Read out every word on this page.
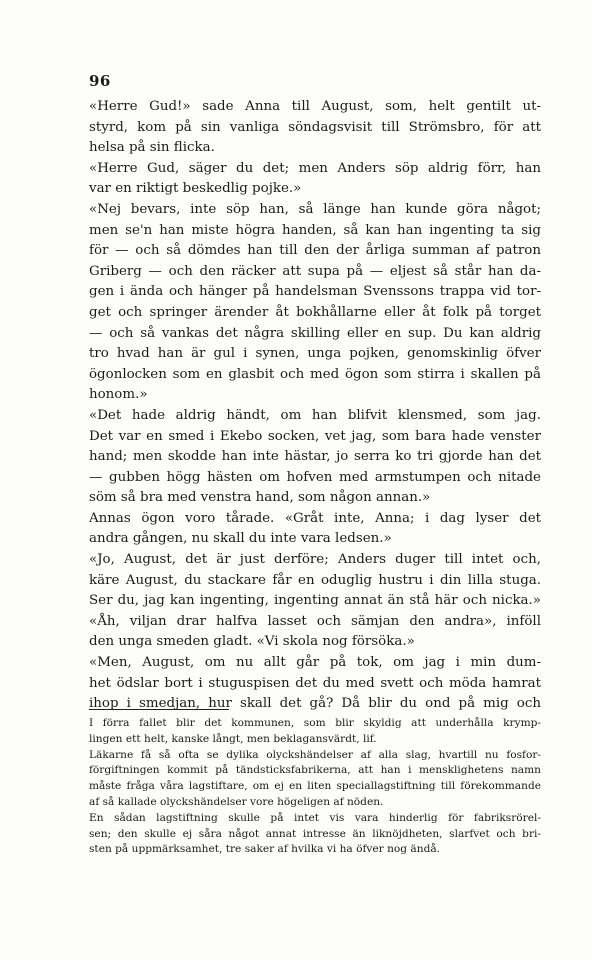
96
«Herre Gud!» sade Anna till August, som, helt gentilt ut-
styrd, kom på sin vanliga söndagsvisit till Strömsbro, för att
helsa på sin flicka.
«Herre Gud, säger du det; men Anders söp aldrig förr, han
var en riktigt beskedlig pojke.»
«Nej bevars, inte söp han, så länge han kunde göra något;
men se'n han miste högra handen, så kan han ingenting ta sig
för — och så dömdes han till den der årliga summan af patron
Griberg — och den räcker att supa på — eljest så står han da-
gen i ända och hänger på handelsman Svenssons trappa vid tor-
get och springer ärender åt bokhållarne eller åt folk på torget
— och så vankas det några skilling eller en sup. Du kan aldrig
tro hvad han är gul i synen, unga pojken, genomskinlig öfver
ögonlocken som en glasbit och med ögon som stirra i skallen på
honom.»
«Det hade aldrig händt, om han blifvit klensmed, som jag.
Det var en smed i Ekebo socken, vet jag, som bara hade venster
hand; men skodde han inte hästar, jo serra ko tri gjorde han det
— gubben högg hästen om hofven med armstumpen och nitade
söm så bra med venstra hand, som någon annan.»
Annas ögon voro tårade. «Gråt inte, Anna; i dag lyser det
andra gången, nu skall du inte vara ledsen.»
«Jo, August, det är just derföre; Anders duger till intet och,
käre August, du stackare får en odugli̇g hustru i din lilla stuga.
Ser du, jag kan ingenting, ingenting annat än stå här och nicka.»
«Åh, viljan drar halfva lasset och sämjan den andra», inföll
den unga smeden gladt. «Vi skola nog försöka.»
«Men, August, om nu allt går på tok, om jag i min dum-
het ödslar bort i stuguspisen det du med svett och möda hamrat
ihop i smedjan, hur skall det gå? Då blir du ond på mig och
I förra fallet blir det kommunen, som blir skyldig att underhålla krymp-
lingen ett helt, kanske långt, men beklagansvärdt, lif.
Läkarne få så ofta se dylika olyckshändelser af alla slag, hvartill nu fosfor-
förgiftningen kommit på tändsticksfabrikerna, att han i mensklighetens namn
måste fråga våra lagstiftare, om ej en liten speciallagstiftning till förekommande
af så kallade olyckshändelser vore högeligen af nöden.
En sådan lagstiftning skulle på intet vis vara hinderlig för fabriksrörel-
sen; den skulle ej såra något annat intresse än liknöjdheten, slarfvet och bri-
sten på uppmärksamhet, tre saker af hvilka vi ha öfver nog ändå.
